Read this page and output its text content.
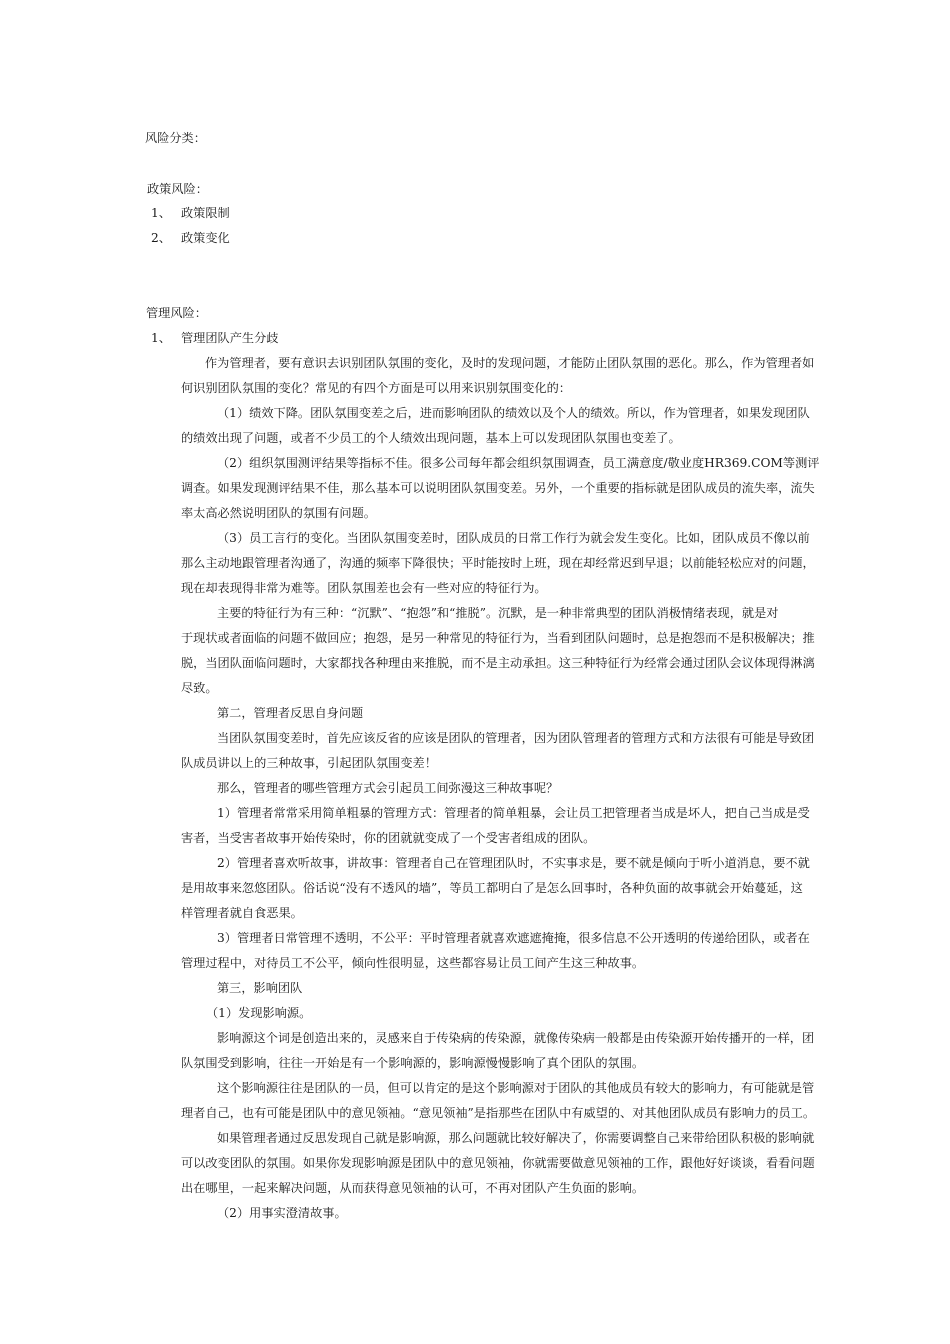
风险分类：
政策风险：
1、 政策限制
2、 政策变化
管理风险：
1、 管理团队产生分歧
作为管理者，要有意识去识别团队氛围的变化，及时的发现问题，才能防止团队氛围的恶化。那么，作为管理者如
何识别团队氛围的变化？常见的有四个方面是可以用来识别氛围变化的：
（1）绩效下降。团队氛围变差之后，进而影响团队的绩效以及个人的绩效。所以，作为管理者，如果发现团队
的绩效出现了问题，或者不少员工的个人绩效出现问题，基本上可以发现团队氛围也变差了。
（2）组织氛围测评结果等指标不佳。很多公司每年都会组织氛围调查，员工满意度/敬业度HR369.COM等测评
调查。如果发现测评结果不佳，那么基本可以说明团队氛围变差。另外，一个重要的指标就是团队成员的流失率，流失
率太高必然说明团队的氛围有问题。
（3）员工言行的变化。当团队氛围变差时，团队成员的日常工作行为就会发生变化。比如，团队成员不像以前
那么主动地跟管理者沟通了，沟通的频率下降很快；平时能按时上班，现在却经常迟到早退；以前能轻松应对的问题，
现在却表现得非常为难等。团队氛围差也会有一些对应的特征行为。
主要的特征行为有三种：“沉默”、“抱怨”和“推脱”。沉默，是一种非常典型的团队消极情绪表现，就是对
于现状或者面临的问题不做回应；抱怨，是另一种常见的特征行为，当看到团队问题时，总是抱怨而不是积极解决；推
脱，当团队面临问题时，大家都找各种理由来推脱，而不是主动承担。这三种特征行为经常会通过团队会议体现得淋漓
尽致。
第二，管理者反思自身问题
当团队氛围变差时，首先应该反省的应该是团队的管理者，因为团队管理者的管理方式和方法很有可能是导致团
队成员讲以上的三种故事，引起团队氛围变差！
那么，管理者的哪些管理方式会引起员工间弥漫这三种故事呢？
1）管理者常常采用简单粗暴的管理方式：管理者的简单粗暴，会让员工把管理者当成是坏人，把自己当成是受
害者，当受害者故事开始传染时，你的团就就变成了一个受害者组成的团队。
2）管理者喜欢听故事，讲故事：管理者自己在管理团队时，不实事求是，要不就是倾向于听小道消息，要不就
是用故事来忽悠团队。俗话说“没有不透风的墙”，等员工都明白了是怎么回事时，各种负面的故事就会开始蔓延，这
样管理者就自食恶果。
3）管理者日常管理不透明，不公平：平时管理者就喜欢遮遮掩掩，很多信息不公开透明的传递给团队，或者在
管理过程中，对待员工不公平，倾向性很明显，这些都容易让员工间产生这三种故事。
第三，影响团队
（1）发现影响源。
影响源这个词是创造出来的，灵感来自于传染病的传染源，就像传染病一般都是由传染源开始传播开的一样，团
队氛围受到影响，往往一开始是有一个影响源的，影响源慢慢影响了真个团队的氛围。
这个影响源往往是团队的一员，但可以肯定的是这个影响源对于团队的其他成员有较大的影响力，有可能就是管
理者自己，也有可能是团队中的意见领袖。“意见领袖”是指那些在团队中有威望的、对其他团队成员有影响力的员工。
如果管理者通过反思发现自己就是影响源，那么问题就比较好解决了，你需要调整自己来带给团队积极的影响就
可以改变团队的氛围。如果你发现影响源是团队中的意见领袖，你就需要做意见领袖的工作，跟他好好谈谈，看看问题
出在哪里，一起来解决问题，从而获得意见领袖的认可，不再对团队产生负面的影响。
（2）用事实澄清故事。
